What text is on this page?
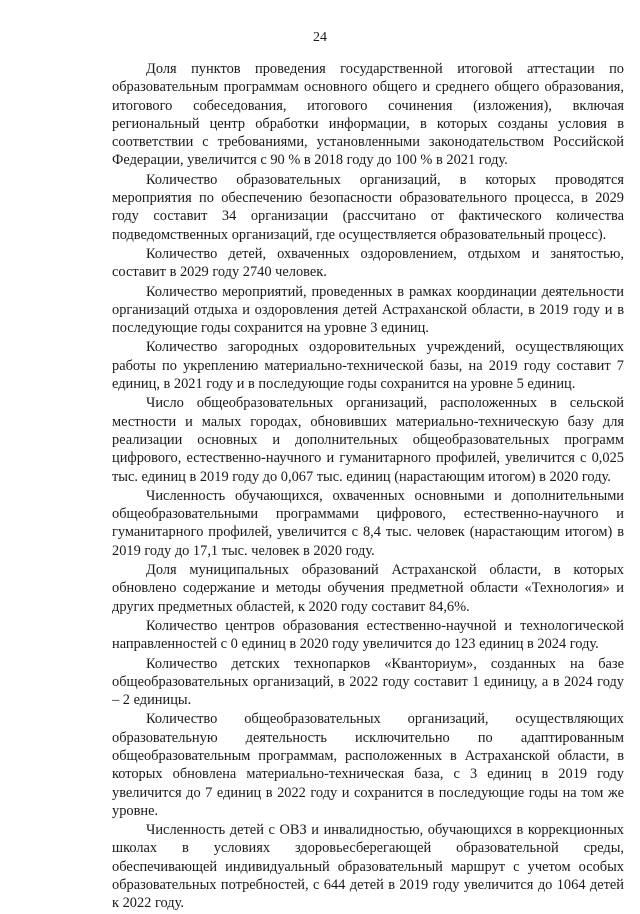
24

Доля пунктов проведения государственной итоговой аттестации по образовательным программам основного общего и среднего общего образования, итогового собеседования, итогового сочинения (изложения), включая региональный центр обработки информации, в которых созданы условия в соответствии с требованиями, установленными законодательством Российской Федерации, увеличится с 90 % в 2018 году до 100 % в 2021 году.

Количество образовательных организаций, в которых проводятся мероприятия по обеспечению безопасности образовательного процесса, в 2029 году составит 34 организации (рассчитано от фактического количества подведомственных организаций, где осуществляется образовательный процесс).

Количество детей, охваченных оздоровлением, отдыхом и занятостью, составит в 2029 году 2740 человек.

Количество мероприятий, проведенных в рамках координации деятельности организаций отдыха и оздоровления детей Астраханской области, в 2019 году и в последующие годы сохранится на уровне 3 единиц.

Количество загородных оздоровительных учреждений, осуществляющих работы по укреплению материально-технической базы, на 2019 году составит 7 единиц, в 2021 году и в последующие годы сохранится на уровне 5 единиц.

Число общеобразовательных организаций, расположенных в сельской местности и малых городах, обновивших материально-техническую базу для реализации основных и дополнительных общеобразовательных программ цифрового, естественно-научного и гуманитарного профилей, увеличится с 0,025 тыс. единиц в 2019 году до 0,067 тыс. единиц (нарастающим итогом) в 2020 году.

Численность обучающихся, охваченных основными и дополнительными общеобразовательными программами цифрового, естественно-научного и гуманитарного профилей, увеличится с 8,4 тыс. человек (нарастающим итогом) в 2019 году до 17,1 тыс. человек в 2020 году.

Доля муниципальных образований Астраханской области, в которых обновлено содержание и методы обучения предметной области «Технология» и других предметных областей, к 2020 году составит 84,6%.

Количество центров образования естественно-научной и технологической направленностей с 0 единиц в 2020 году увеличится до 123 единиц в 2024 году.

Количество детских технопарков «Кванториум», созданных на базе общеобразовательных организаций, в 2022 году составит 1 единицу, а в 2024 году – 2 единицы.

Количество общеобразовательных организаций, осуществляющих образовательную деятельность исключительно по адаптированным общеобразовательным программам, расположенных в Астраханской области, в которых обновлена материально-техническая база, с 3 единиц в 2019 году увеличится до 7 единиц в 2022 году и сохранится в последующие годы на том же уровне.

Численность детей с ОВЗ и инвалидностью, обучающихся в коррекционных школах в условиях здоровьесберегающей образовательной среды, обеспечивающей индивидуальный образовательный маршрут с учетом особых образовательных потребностей, с 644 детей в 2019 году увеличится до 1064 детей к 2022 году.
